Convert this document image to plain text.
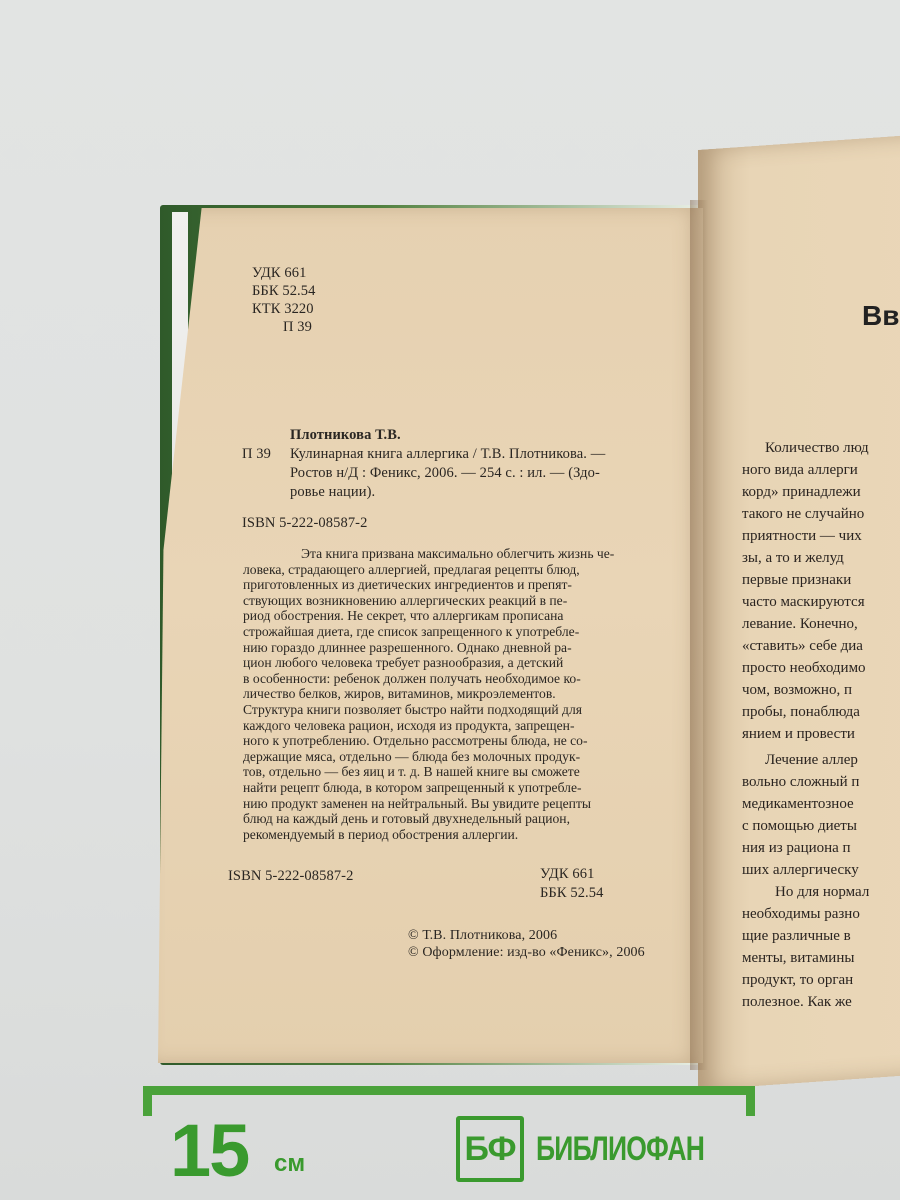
УДК 661
ББК 52.54
КТК 3220
П 39
Плотникова Т.В.
П 39 Кулинарная книга аллергика / Т.В. Плотникова. —
Ростов н/Д : Феникс, 2006. — 254 с. : ил. — (Здо-
ровье нации).
ISBN 5-222-08587-2
Эта книга призвана максимально облегчить жизнь че-
ловека, страдающего аллергией, предлагая рецепты блюд,
приготовленных из диетических ингредиентов и препят-
ствующих возникновению аллергических реакций в пе-
риод обострения. Не секрет, что аллергикам прописана
строжайшая диета, где список запрещенного к употребле-
нию гораздо длиннее разрешенного. Однако дневной ра-
цион любого человека требует разнообразия, а детский
в особенности: ребенок должен получать необходимое ко-
личество белков, жиров, витаминов, микроэлементов.
Структура книги позволяет быстро найти подходящий для
каждого человека рацион, исходя из продукта, запрещен-
ного к употреблению. Отдельно рассмотрены блюда, не со-
держащие мяса, отдельно — блюда без молочных продук-
тов, отдельно — без яиц и т. д. В нашей книге вы сможете
найти рецепт блюда, в котором запрещенный к употребле-
нию продукт заменен на нейтральный. Вы увидите рецепты
блюд на каждый день и готовый двухнедельный рацион,
рекомендуемый в период обострения аллергии.
ISBN 5-222-08587-2	УДК 661
ББК 52.54
© Т.В. Плотникова, 2006
© Оформление: изд-во «Феникс», 2006
Вв
Количество люд
ного вида аллерги
корд» принадлежи
такого не случайно
приятности — чих
зы, а то и желуд
первые признаки
часто маскируются
левание. Конечно,
«ставить» себе диа
просто необходимо
чом, возможно, п
пробы, понаблюда
янием и провести
Лечение аллер
вольно сложный п
медикаментозное
с помощью диеты
ния из рациона п
ших аллергическу
Но для нормал
необходимы разно
щие различные в
менты, витамины
продукт, то орган
полезное. Как же
15 см	БФ БИБЛИОФАН
